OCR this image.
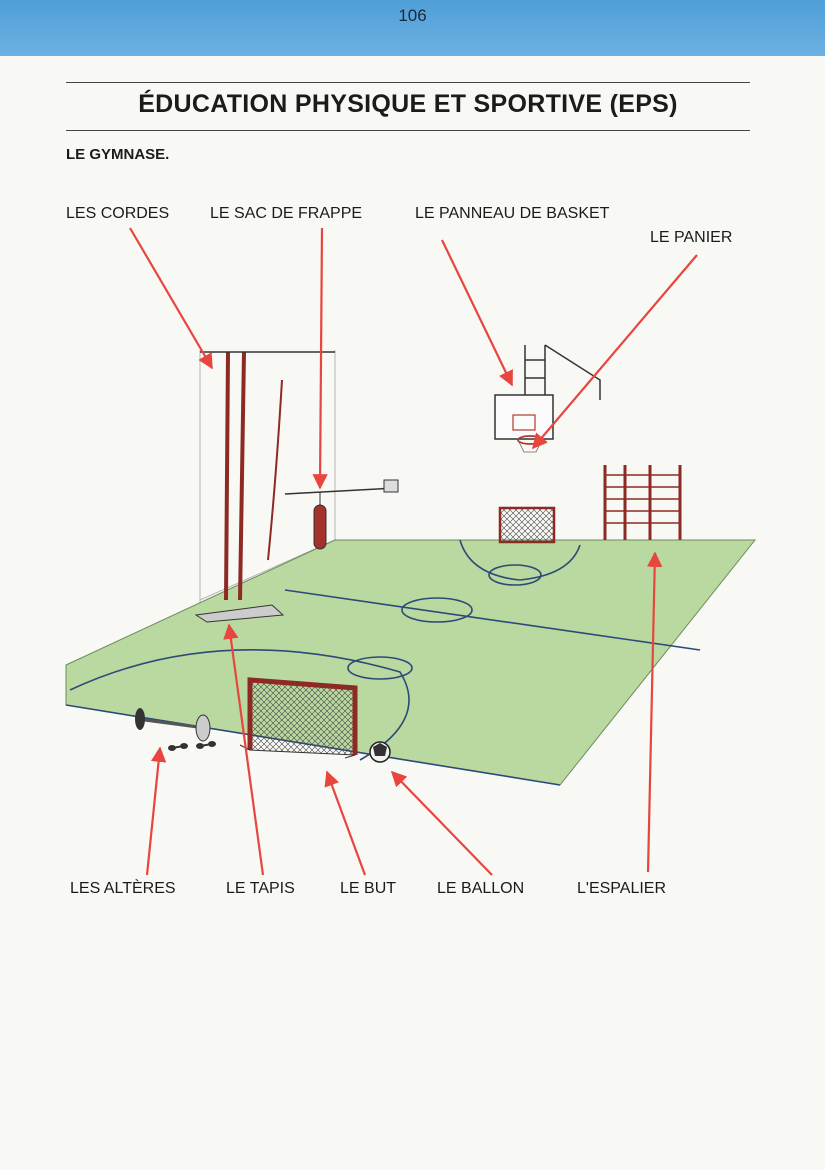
106
ÉDUCATION PHYSIQUE ET SPORTIVE (EPS)
LE GYMNASE.
LES CORDES	LE SAC DE FRAPPE	LE PANNEAU DE BASKET
LE PANIER
LES ALTÈRES	LE TAPIS	LE BUT	LE BALLON	L'ESPALIER
